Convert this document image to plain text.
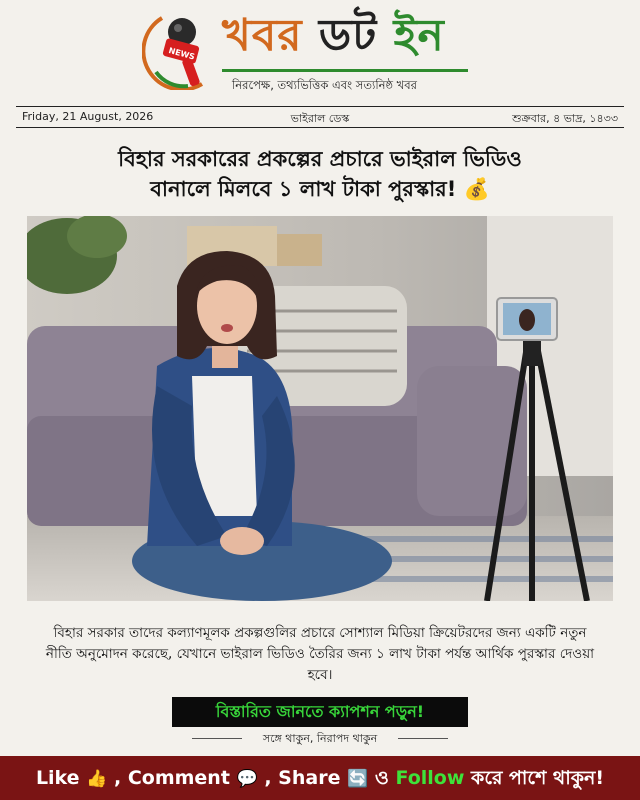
NEWS খবর ডট ইন
নিরপেক্ষ, তথ্যভিত্তিক এবং সত্যনিষ্ঠ খবর
Friday, 21 August, 2026	ভাইরাল ডেস্ক	শুক্রবার, ৪ ভাদ্র, ১৪৩৩
বিহার সরকারের প্রকল্পের প্রচারে ভাইরাল ভিডিও
বানালে মিলবে ১ লাখ টাকা পুরস্কার! 💰
বিহার সরকার তাদের কল্যাণমূলক প্রকল্পগুলির প্রচারে সোশ্যাল মিডিয়া ক্রিয়েটরদের জন্য একটি নতুন নীতি অনুমোদন করেছে, যেখানে ভাইরাল ভিডিও তৈরির জন্য ১ লাখ টাকা পর্যন্ত আর্থিক পুরস্কার দেওয়া হবে।
বিস্তারিত জানতে ক্যাপশন পড়ুন!
সঙ্গে থাকুন, নিরাপদ থাকুন
Like 👍 , Comment 💬 , Share 🔄 ও Follow করে পাশে থাকুন!
